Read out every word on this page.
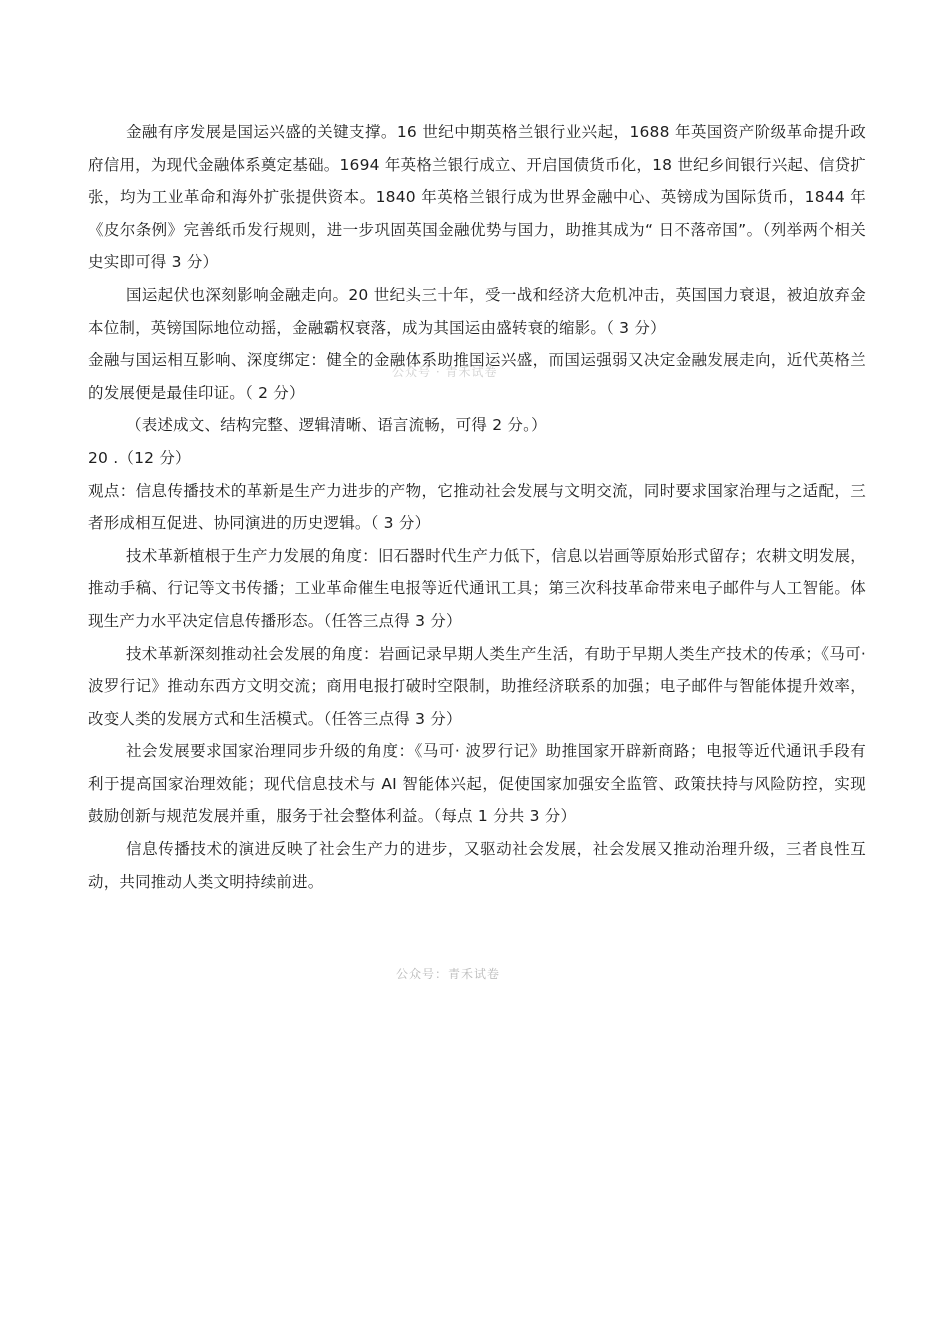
金融有序发展是国运兴盛的关键支撑。16 世纪中期英格兰银行业兴起，1688 年英国资产阶级革命提升政府信用，为现代金融体系奠定基础。1694 年英格兰银行成立、开启国债货币化，18 世纪乡间银行兴起、信贷扩张，均为工业革命和海外扩张提供资本。1840 年英格兰银行成为世界金融中心、英镑成为国际货币，1844 年《皮尔条例》完善纸币发行规则，进一步巩固英国金融优势与国力，助推其成为“ 日不落帝国”。（列举两个相关史实即可得 3 分）

国运起伏也深刻影响金融走向。20 世纪头三十年，受一战和经济大危机冲击，英国国力衰退，被迫放弃金本位制，英镑国际地位动摇，金融霸权衰落，成为其国运由盛转衰的缩影。（ 3 分）

金融与国运相互影响、深度绑定：健全的金融体系助推国运兴盛，而国运强弱又决定金融发展走向，近代英格兰的发展便是最佳印证。（ 2 分）

（表述成文、结构完整、逻辑清晰、语言流畅，可得 2 分。）

20 .（12 分）

观点：信息传播技术的革新是生产力进步的产物，它推动社会发展与文明交流，同时要求国家治理与之适配，三者形成相互促进、协同演进的历史逻辑。（ 3 分）

技术革新植根于生产力发展的角度：旧石器时代生产力低下，信息以岩画等原始形式留存；农耕文明发展，推动手稿、行记等文书传播；工业革命催生电报等近代通讯工具；第三次科技革命带来电子邮件与人工智能。体现生产力水平决定信息传播形态。（任答三点得 3 分）

技术革新深刻推动社会发展的角度：岩画记录早期人类生产生活，有助于早期人类生产技术的传承；《马可· 波罗行记》推动东西方文明交流；商用电报打破时空限制，助推经济联系的加强；电子邮件与智能体提升效率，改变人类的发展方式和生活模式。（任答三点得 3 分）

社会发展要求国家治理同步升级的角度：《马可· 波罗行记》助推国家开辟新商路；电报等近代通讯手段有利于提高国家治理效能；现代信息技术与 AI 智能体兴起，促使国家加强安全监管、政策扶持与风险防控，实现鼓励创新与规范发展并重，服务于社会整体利益。（每点 1 分共 3 分）

信息传播技术的演进反映了社会生产力的进步，又驱动社会发展，社会发展又推动治理升级，三者良性互动，共同推动人类文明持续前进。

公众号 · 青禾试卷
公众号：青禾试卷
